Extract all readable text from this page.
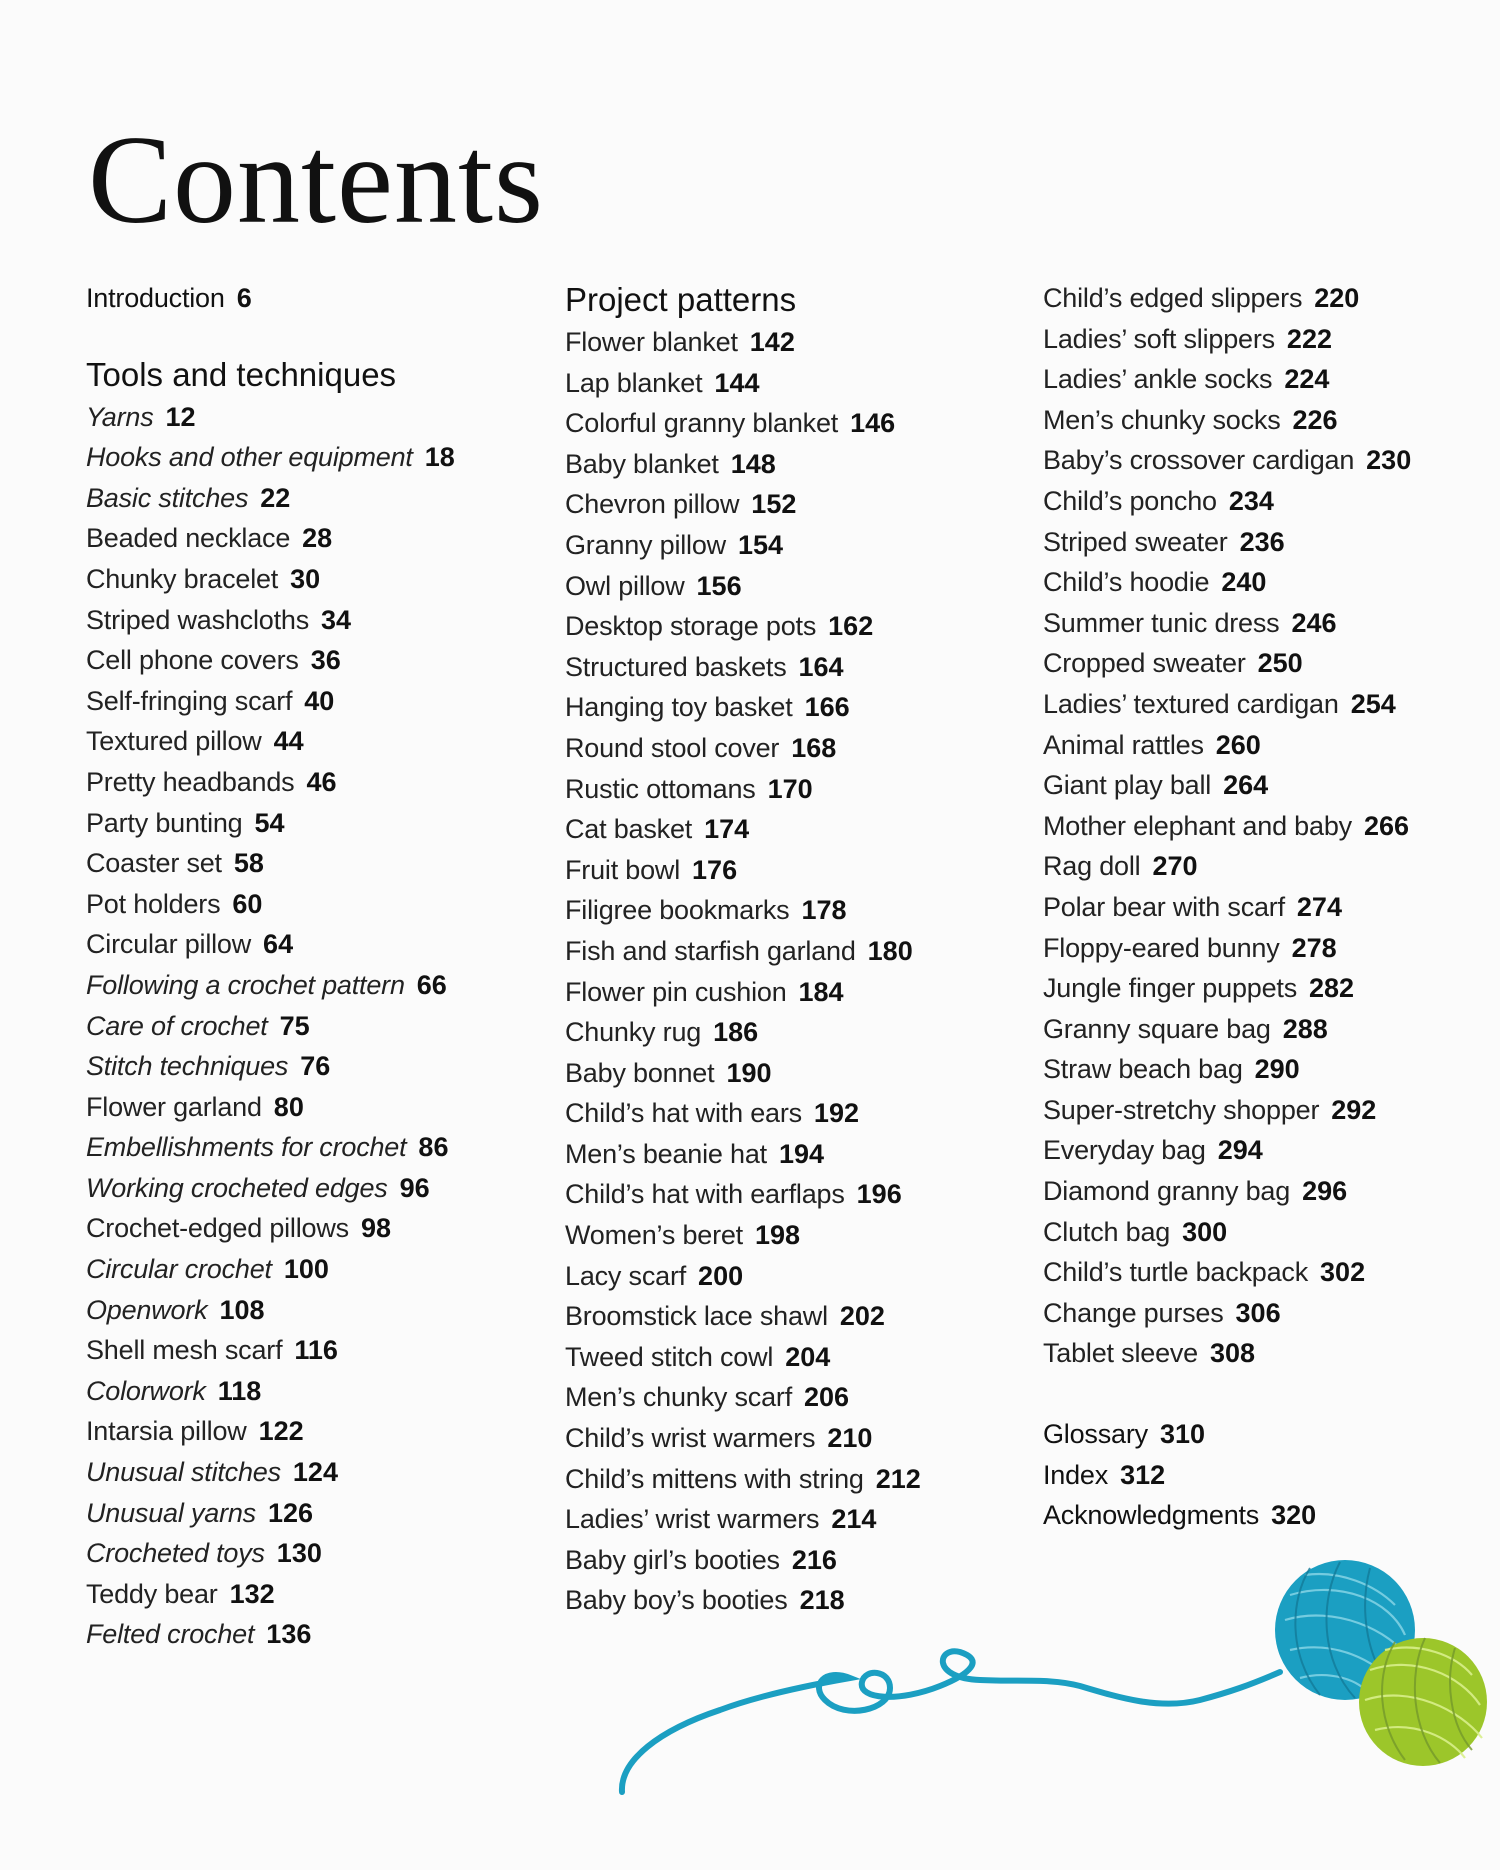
Contents
Introduction 6
Tools and techniques
Yarns 12
Hooks and other equipment 18
Basic stitches 22
Beaded necklace 28
Chunky bracelet 30
Striped washcloths 34
Cell phone covers 36
Self-fringing scarf 40
Textured pillow 44
Pretty headbands 46
Party bunting 54
Coaster set 58
Pot holders 60
Circular pillow 64
Following a crochet pattern 66
Care of crochet 75
Stitch techniques 76
Flower garland 80
Embellishments for crochet 86
Working crocheted edges 96
Crochet-edged pillows 98
Circular crochet 100
Openwork 108
Shell mesh scarf 116
Colorwork 118
Intarsia pillow 122
Unusual stitches 124
Unusual yarns 126
Crocheted toys 130
Teddy bear 132
Felted crochet 136
Project patterns
Flower blanket 142
Lap blanket 144
Colorful granny blanket 146
Baby blanket 148
Chevron pillow 152
Granny pillow 154
Owl pillow 156
Desktop storage pots 162
Structured baskets 164
Hanging toy basket 166
Round stool cover 168
Rustic ottomans 170
Cat basket 174
Fruit bowl 176
Filigree bookmarks 178
Fish and starfish garland 180
Flower pin cushion 184
Chunky rug 186
Baby bonnet 190
Child’s hat with ears 192
Men’s beanie hat 194
Child’s hat with earflaps 196
Women’s beret 198
Lacy scarf 200
Broomstick lace shawl 202
Tweed stitch cowl 204
Men’s chunky scarf 206
Child’s wrist warmers 210
Child’s mittens with string 212
Ladies’ wrist warmers 214
Baby girl’s booties 216
Baby boy’s booties 218
Child’s edged slippers 220
Ladies’ soft slippers 222
Ladies’ ankle socks 224
Men’s chunky socks 226
Baby’s crossover cardigan 230
Child’s poncho 234
Striped sweater 236
Child’s hoodie 240
Summer tunic dress 246
Cropped sweater 250
Ladies’ textured cardigan 254
Animal rattles 260
Giant play ball 264
Mother elephant and baby 266
Rag doll 270
Polar bear with scarf 274
Floppy-eared bunny 278
Jungle finger puppets 282
Granny square bag 288
Straw beach bag 290
Super-stretchy shopper 292
Everyday bag 294
Diamond granny bag 296
Clutch bag 300
Child’s turtle backpack 302
Change purses 306
Tablet sleeve 308
Glossary 310
Index 312
Acknowledgments 320
